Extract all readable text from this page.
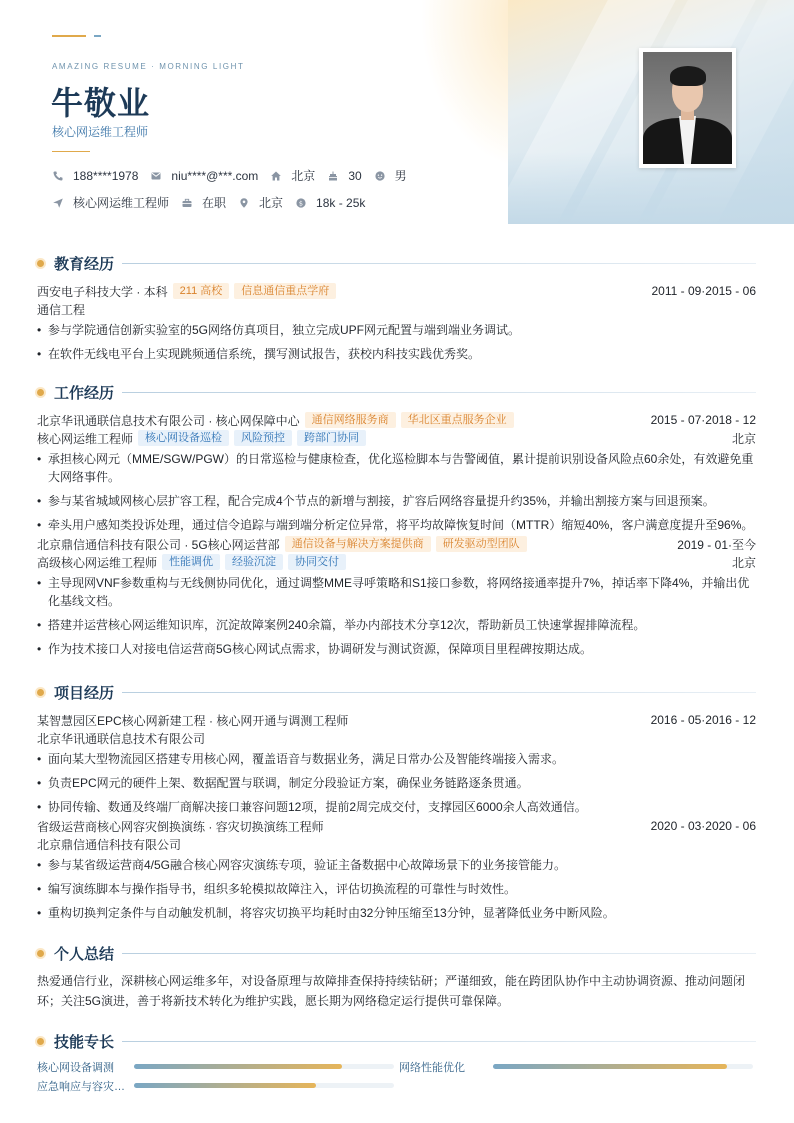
AMAZING RESUME · MORNING LIGHT
牛敬业
核心网运维工程师
188****1978	niu****@***.com	北京	30	男
核心网运维工程师	在职	北京 $ 18k - 25k
教育经历
西安电子科技大学 · 本科	211 高校	信息通信重点学府	2011 - 09·2015 - 06
通信工程
• 参与学院通信创新实验室的5G网络仿真项目，独立完成UPF网元配置与端到端业务调试。
• 在软件无线电平台上实现跳频通信系统，撰写测试报告，获校内科技实践优秀奖。
工作经历
北京华讯通联信息技术有限公司 · 核心网保障中心	通信网络服务商	华北区重点服务企业	2015 - 07·2018 - 12
核心网运维工程师	核心网设备巡检	风险预控	跨部门协同	北京
• 承担核心网元（MME/SGW/PGW）的日常巡检与健康检查，优化巡检脚本与告警阈值，累计提前识别设备风险点60余处，有效避免重大网络事件。
• 参与某省城域网核心层扩容工程，配合完成4个节点的新增与割接，扩容后网络容量提升约35%，并输出割接方案与回退预案。
• 牵头用户感知类投诉处理，通过信令追踪与端到端分析定位异常，将平均故障恢复时间（MTTR）缩短40%，客户满意度提升至96%。
北京鼎信通信科技有限公司 · 5G核心网运营部	通信设备与解决方案提供商	研发驱动型团队	2019 - 01·至今
高级核心网运维工程师	性能调优	经验沉淀	协同交付	北京
• 主导现网VNF参数重构与无线侧协同优化，通过调整MME寻呼策略和S1接口参数，将网络接通率提升7%，掉话率下降4%，并输出优化基线文档。
• 搭建并运营核心网运维知识库，沉淀故障案例240余篇，举办内部技术分享12次，帮助新员工快速掌握排障流程。
• 作为技术接口人对接电信运营商5G核心网试点需求，协调研发与测试资源，保障项目里程碑按期达成。
项目经历
某智慧园区EPC核心网新建工程 · 核心网开通与调测工程师	2016 - 05·2016 - 12
北京华讯通联信息技术有限公司
• 面向某大型物流园区搭建专用核心网，覆盖语音与数据业务，满足日常办公及智能终端接入需求。
• 负责EPC网元的硬件上架、数据配置与联调，制定分段验证方案，确保业务链路逐条贯通。
• 协同传输、数通及终端厂商解决接口兼容问题12项，提前2周完成交付，支撑园区6000余人高效通信。
省级运营商核心网容灾倒换演练 · 容灾切换演练工程师	2020 - 03·2020 - 06
北京鼎信通信科技有限公司
• 参与某省级运营商4/5G融合核心网容灾演练专项，验证主备数据中心故障场景下的业务接管能力。
• 编写演练脚本与操作指导书，组织多轮模拟故障注入，评估切换流程的可靠性与时效性。
• 重构切换判定条件与自动触发机制，将容灾切换平均耗时由32分钟压缩至13分钟，显著降低业务中断风险。
个人总结

热爱通信行业，深耕核心网运维多年，对设备原理与故障排查保持持续钻研；严谨细致，能在跨团队协作中主动协调资源、推动问题闭环；关注5G演进，善于将新技术转化为维护实践，愿长期为网络稳定运行提供可靠保障。

技能专长
核心网设备调测	网络性能优化
应急响应与容灾…
